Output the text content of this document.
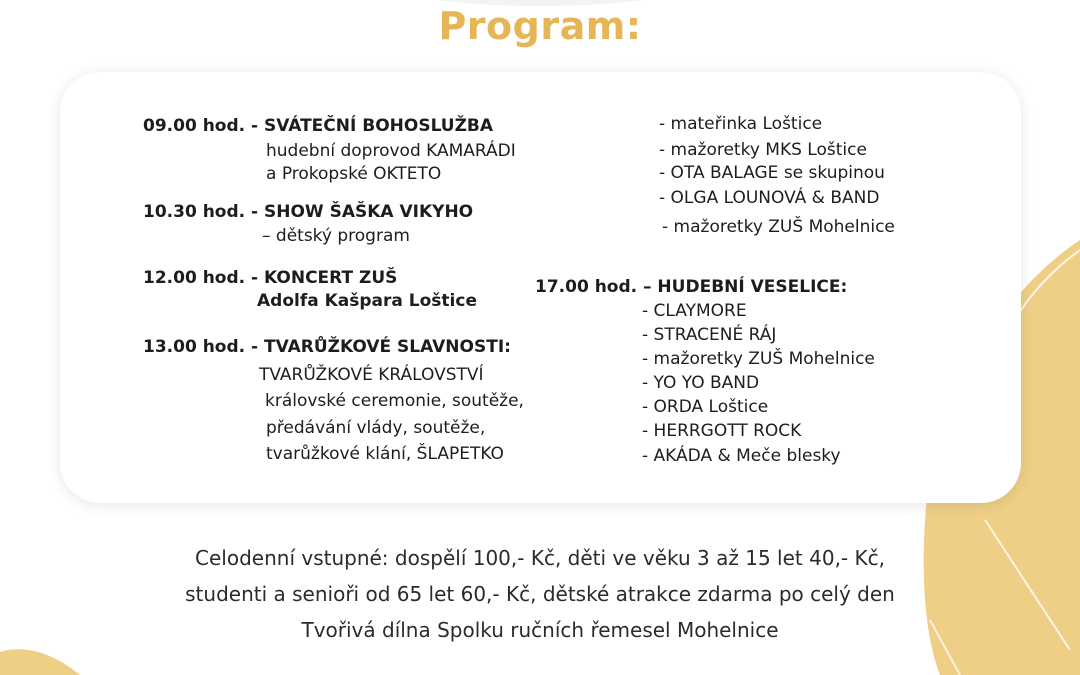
Program:
09.00 hod. - SVÁTEČNÍ BOHOSLUŽBA
hudební doprovod KAMARÁDI
a Prokopské OKTETO
10.30 hod. - SHOW ŠAŠKA VIKYHO
– dětský program
12.00 hod. - KONCERT ZUŠ
Adolfa Kašpara Loštice
13.00 hod. - TVARŮŽKOVÉ SLAVNOSTI:
TVARŮŽKOVÉ KRÁLOVSTVÍ
královské ceremonie, soutěže,
předávání vlády, soutěže,
tvarůžkové klání, ŠLAPETKO
- mateřinka Loštice
- mažoretky MKS Loštice
- OTA BALAGE se skupinou
- OLGA LOUNOVÁ & BAND
- mažoretky ZUŠ Mohelnice
17.00 hod. – HUDEBNÍ VESELICE:
- CLAYMORE
- STRACENÉ RÁJ
- mažoretky ZUŠ Mohelnice
- YO YO BAND
- ORDA Loštice
- HERRGOTT ROCK
- AKÁDA & Meče blesky
Celodenní vstupné: dospělí 100,- Kč, děti ve věku 3 až 15 let 40,- Kč,
studenti a senioři od 65 let 60,- Kč, dětské atrakce zdarma po celý den
Tvořivá dílna Spolku ručních řemesel Mohelnice
